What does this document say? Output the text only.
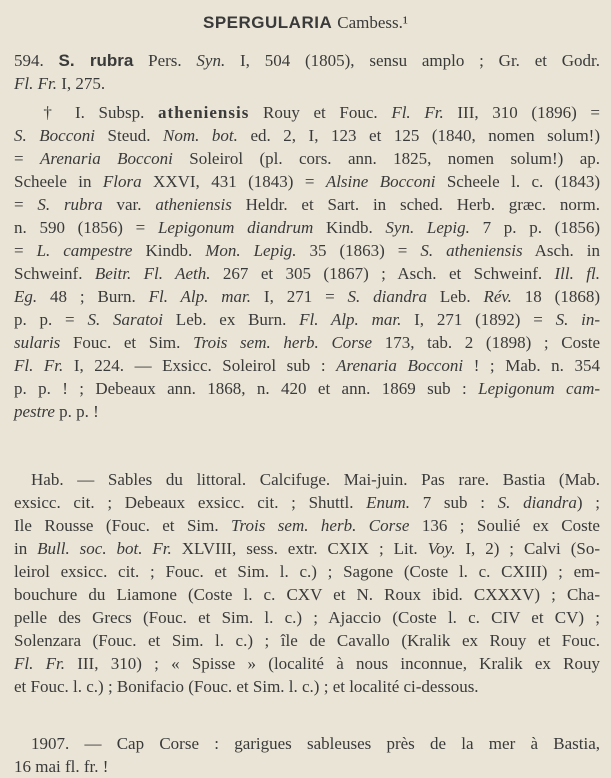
SPERGULARIA Cambess.¹
594. S. rubra Pers. Syn. I, 504 (1805), sensu amplo ; Gr. et Godr.
Fl. Fr. I, 275.
† I. Subsp. atheniensis Rouy et Fouc. Fl. Fr. III, 310 (1896) =
S. Bocconi Steud. Nom. bot. ed. 2, I, 123 et 125 (1840, nomen solum!)
= Arenaria Bocconi Soleirol (pl. cors. ann. 1825, nomen solum!) ap.
Scheele in Flora XXVI, 431 (1843) = Alsine Bocconi Scheele l. c. (1843)
= S. rubra var. atheniensis Heldr. et Sart. in sched. Herb. græc. norm.
n. 590 (1856) = Lepigonum diandrum Kindb. Syn. Lepig. 7 p. p. (1856)
= L. campestre Kindb. Mon. Lepig. 35 (1863) = S. atheniensis Asch. in
Schweinf. Beitr. Fl. Aeth. 267 et 305 (1867) ; Asch. et Schweinf. Ill. fl.
Eg. 48 ; Burn. Fl. Alp. mar. I, 271 = S. diandra Leb. Rév. 18 (1868)
p. p. = S. Saratoi Leb. ex Burn. Fl. Alp. mar. I, 271 (1892) = S. in-
sularis Fouc. et Sim. Trois sem. herb. Corse 173, tab. 2 (1898) ; Coste
Fl. Fr. I, 224. — Exsicc. Soleirol sub : Arenaria Bocconi ! ; Mab. n. 354
p. p. ! ; Debeaux ann. 1868, n. 420 et ann. 1869 sub : Lepigonum cam-
pestre p. p. !
Hab. — Sables du littoral. Calcifuge. Mai-juin. Pas rare. Bastia (Mab.
exsicc. cit. ; Debeaux exsicc. cit. ; Shuttl. Enum. 7 sub : S. diandra) ;
Ile Rousse (Fouc. et Sim. Trois sem. herb. Corse 136 ; Soulié ex Coste
in Bull. soc. bot. Fr. XLVIII, sess. extr. CXIX ; Lit. Voy. I, 2) ; Calvi (So-
leirol exsicc. cit. ; Fouc. et Sim. l. c.) ; Sagone (Coste l. c. CXIII) ; em-
bouchure du Liamone (Coste l. c. CXV et N. Roux ibid. CXXXV) ; Cha-
pelle des Grecs (Fouc. et Sim. l. c.) ; Ajaccio (Coste l. c. CIV et CV) ;
Solenzara (Fouc. et Sim. l. c.) ; île de Cavallo (Kralik ex Rouy et Fouc.
Fl. Fr. III, 310) ; « Spisse » (localité à nous inconnue, Kralik ex Rouy
et Fouc. l. c.) ; Bonifacio (Fouc. et Sim. l. c.) ; et localité ci-dessous.
1907. — Cap Corse : garigues sableuses près de la mer à Bastia,
16 mai fl. fr. !
